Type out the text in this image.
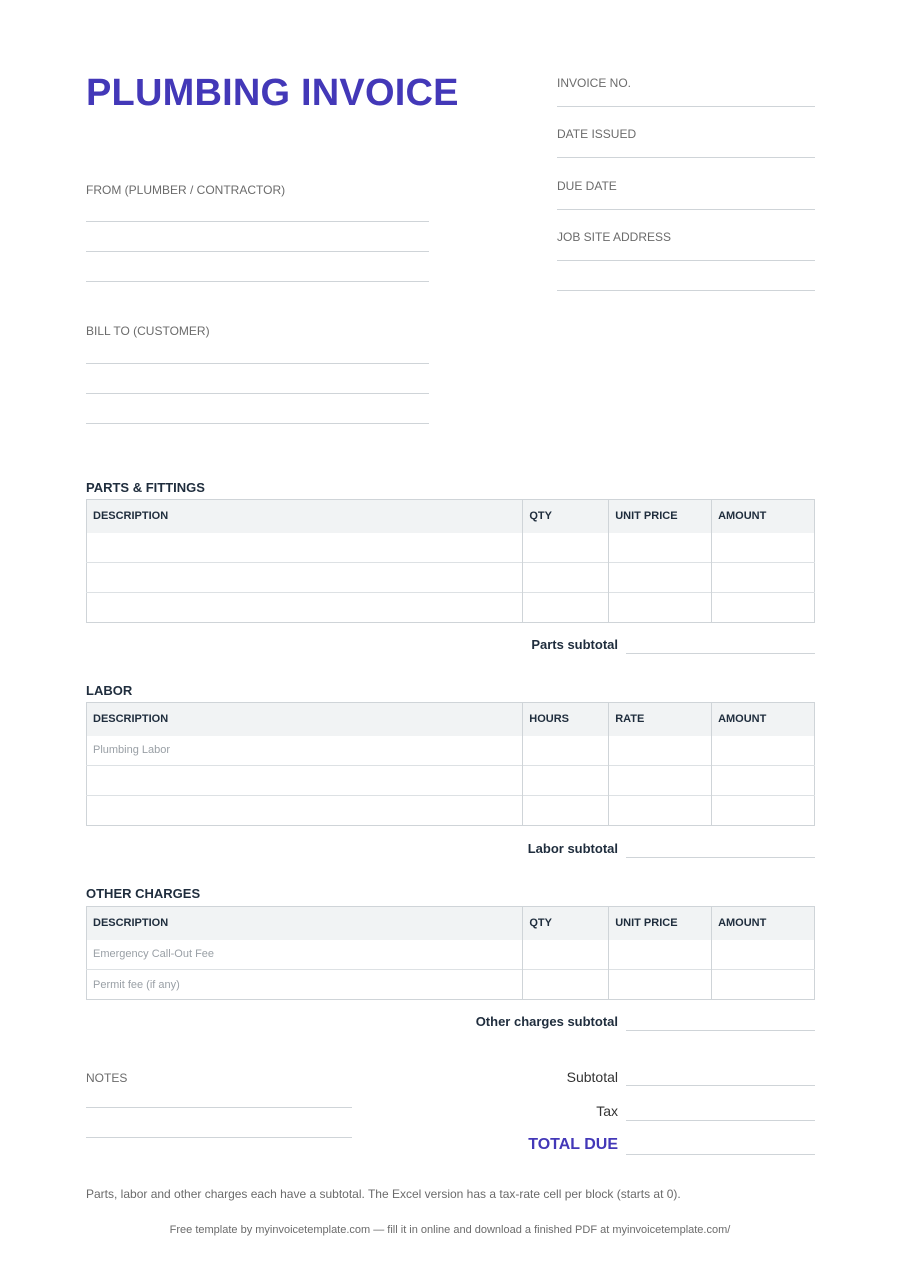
PLUMBING INVOICE	INVOICE NO.
DATE ISSUED
DUE DATE
JOB SITE ADDRESS
FROM (PLUMBER / CONTRACTOR)
BILL TO (CUSTOMER)
PARTS & FITTINGS
DESCRIPTION	QTY	UNIT PRICE	AMOUNT

Parts subtotal
LABOR
DESCRIPTION	HOURS	RATE	AMOUNT
Plumbing Labor			

Labor subtotal
OTHER CHARGES
DESCRIPTION	QTY	UNIT PRICE	AMOUNT
Emergency Call-Out Fee			
Permit fee (if any)			
Other charges subtotal
NOTES	Subtotal
Tax
TOTAL DUE
Parts, labor and other charges each have a subtotal. The Excel version has a tax-rate cell per block (starts at 0).
Free template by myinvoicetemplate.com — fill it in online and download a finished PDF at myinvoicetemplate.com/
